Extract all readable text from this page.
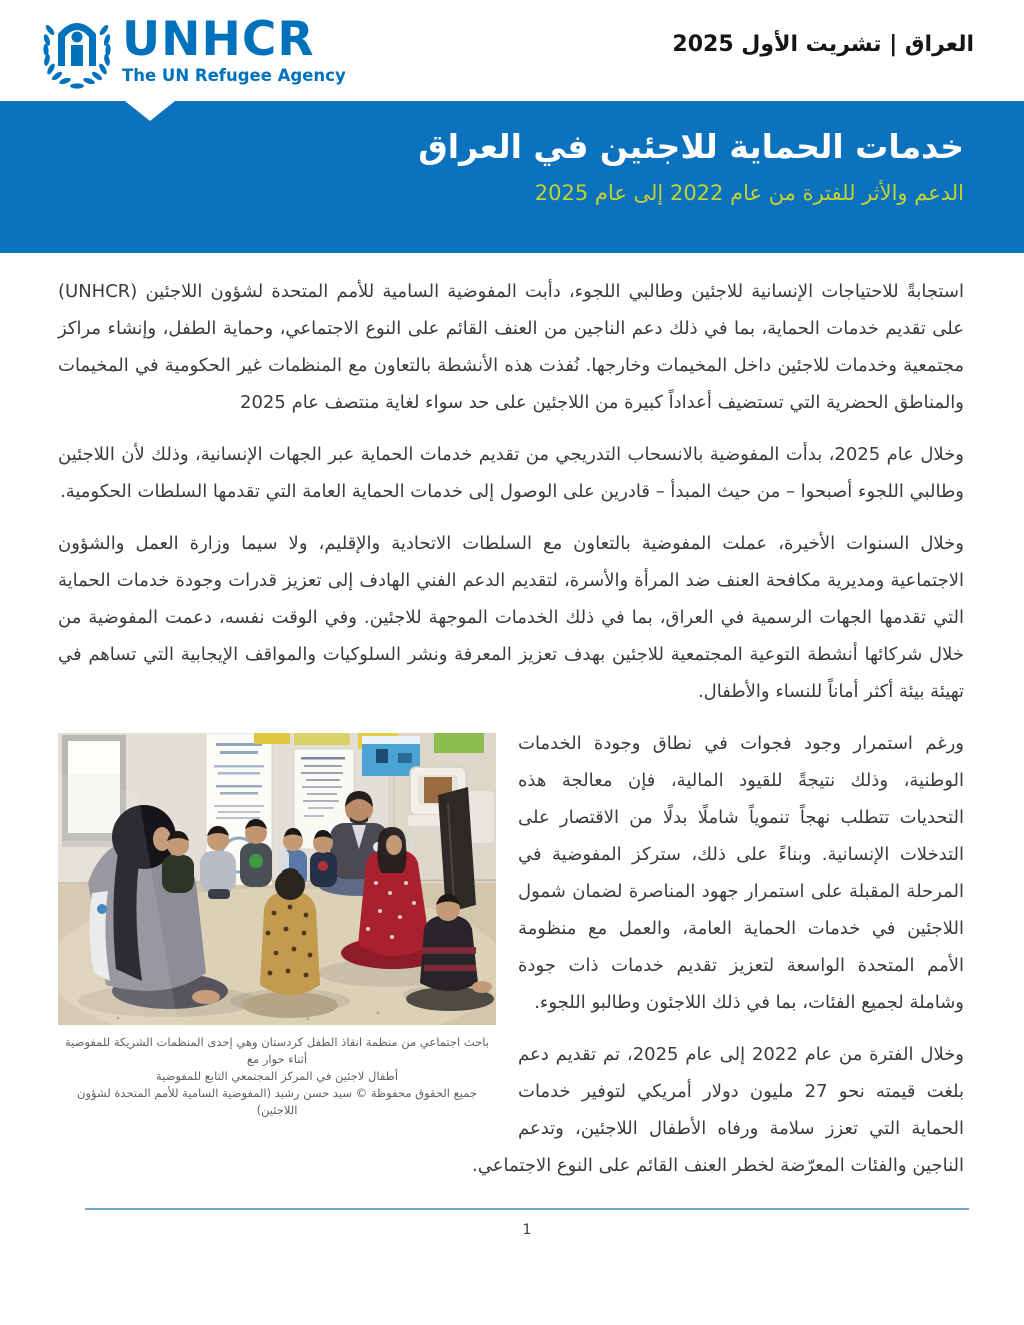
UNHCR
The UN Refugee Agency
العراق | تشريت الأول 2025
خدمات الحماية للاجئين في العراق
الدعم والأثر للفترة من عام 2022 إلى عام 2025

استجابةً للاحتياجات الإنسانية للاجئين وطالبي اللجوء، دأبت المفوضية السامية للأمم المتحدة لشؤون اللاجئين (UNHCR) على تقديم خدمات الحماية، بما في ذلك دعم الناجين من العنف القائم على النوع الاجتماعي، وحماية الطفل، وإنشاء مراكز مجتمعية وخدمات للاجئين داخل المخيمات وخارجها. نُفذت هذه الأنشطة بالتعاون مع المنظمات غير الحكومية في المخيمات والمناطق الحضرية التي تستضيف أعداداً كبيرة من اللاجئين على حد سواء لغاية منتصف عام 2025

وخلال عام 2025، بدأت المفوضية بالانسحاب التدريجي من تقديم خدمات الحماية عبر الجهات الإنسانية، وذلك لأن اللاجئين وطالبي اللجوء أصبحوا – من حيث المبدأ – قادرين على الوصول إلى خدمات الحماية العامة التي تقدمها السلطات الحكومية.

وخلال السنوات الأخيرة، عملت المفوضية بالتعاون مع السلطات الاتحادية والإقليم، ولا سيما وزارة العمل والشؤون الاجتماعية ومديرية مكافحة العنف ضد المرأة والأسرة، لتقديم الدعم الفني الهادف إلى تعزيز قدرات وجودة خدمات الحماية التي تقدمها الجهات الرسمية في العراق، بما في ذلك الخدمات الموجهة للاجئين. وفي الوقت نفسه، دعمت المفوضية من خلال شركائها أنشطة التوعية المجتمعية للاجئين بهدف تعزيز المعرفة ونشر السلوكيات والمواقف الإيجابية التي تساهم في تهيئة بيئة أكثر أماناً للنساء والأطفال.

باحث اجتماعي من منظمة انقاذ الطفل كردستان وهي إحدى المنظمات الشريكة للمفوضية أثناء حوار مع
أطفال لاجئين في المركز المجتمعي التابع للمفوضية
جميع الحقوق محفوظة © سيد حسن رشيد (المفوضية السامية للأمم المتحدة لشؤون اللاجئين)

ورغم استمرار وجود فجوات في نطاق وجودة الخدمات الوطنية، وذلك نتيجةً للقيود المالية، فإن معالجة هذه التحديات تتطلب نهجاً تنموياً شاملًا بدلًا من الاقتصار على التدخلات الإنسانية. وبناءً على ذلك، ستركز المفوضية في المرحلة المقبلة على استمرار جهود المناصرة لضمان شمول اللاجئين في خدمات الحماية العامة، والعمل مع منظومة الأمم المتحدة الواسعة لتعزيز تقديم خدمات ذات جودة وشاملة لجميع الفئات، بما في ذلك اللاجئون وطالبو اللجوء.

وخلال الفترة من عام 2022 إلى عام 2025، تم تقديم دعم بلغت قيمته نحو 27 مليون دولار أمريكي لتوفير خدمات الحماية التي تعزز سلامة ورفاه الأطفال اللاجئين، وتدعم الناجين والفئات المعرّضة لخطر العنف القائم على النوع الاجتماعي.

1
